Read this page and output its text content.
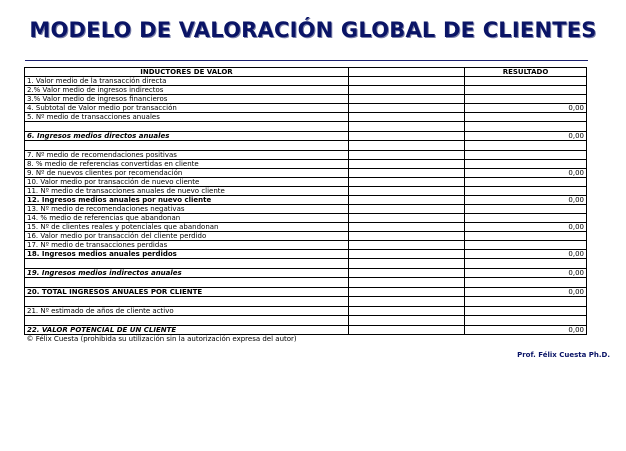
MODELO DE VALORACIÓN GLOBAL DE CLIENTES
INDUCTORES DE VALOR		RESULTADO
1. Valor medio de la transacción directa		
2.% Valor medio de ingresos indirectos		
3.% Valor medio de ingresos financieros		
4. Subtotal de Valor medio por transacción		0,00
5. Nº medio de transacciones anuales		

6. Ingresos medios directos anuales		0,00

7. Nº medio de recomendaciones positivas		
8. % medio de referencias convertidas en cliente		
9. Nº de nuevos clientes por recomendación		0,00
10. Valor medio por transacción de nuevo cliente		
11. Nº medio de transacciones anuales de nuevo cliente		
12. Ingresos medios anuales por nuevo cliente		0,00
13. Nº medio de recomendaciones negativas		
14. % medio de referencias que abandonan		
15. Nº de clientes reales y potenciales que abandonan		0,00
16. Valor medio por transacción del cliente perdido		
17. Nº medio de transacciones perdidas		
18. Ingresos medios anuales perdidos		0,00

19. Ingresos medios indirectos anuales		0,00

20. TOTAL INGRESOS ANUALES POR CLIENTE		0,00

21. Nº estimado de años de cliente activo		

22. VALOR POTENCIAL DE UN CLIENTE		0,00
© Félix Cuesta (prohibida su utilización sin la autorización expresa del autor)		
Prof. Félix Cuesta Ph.D.
